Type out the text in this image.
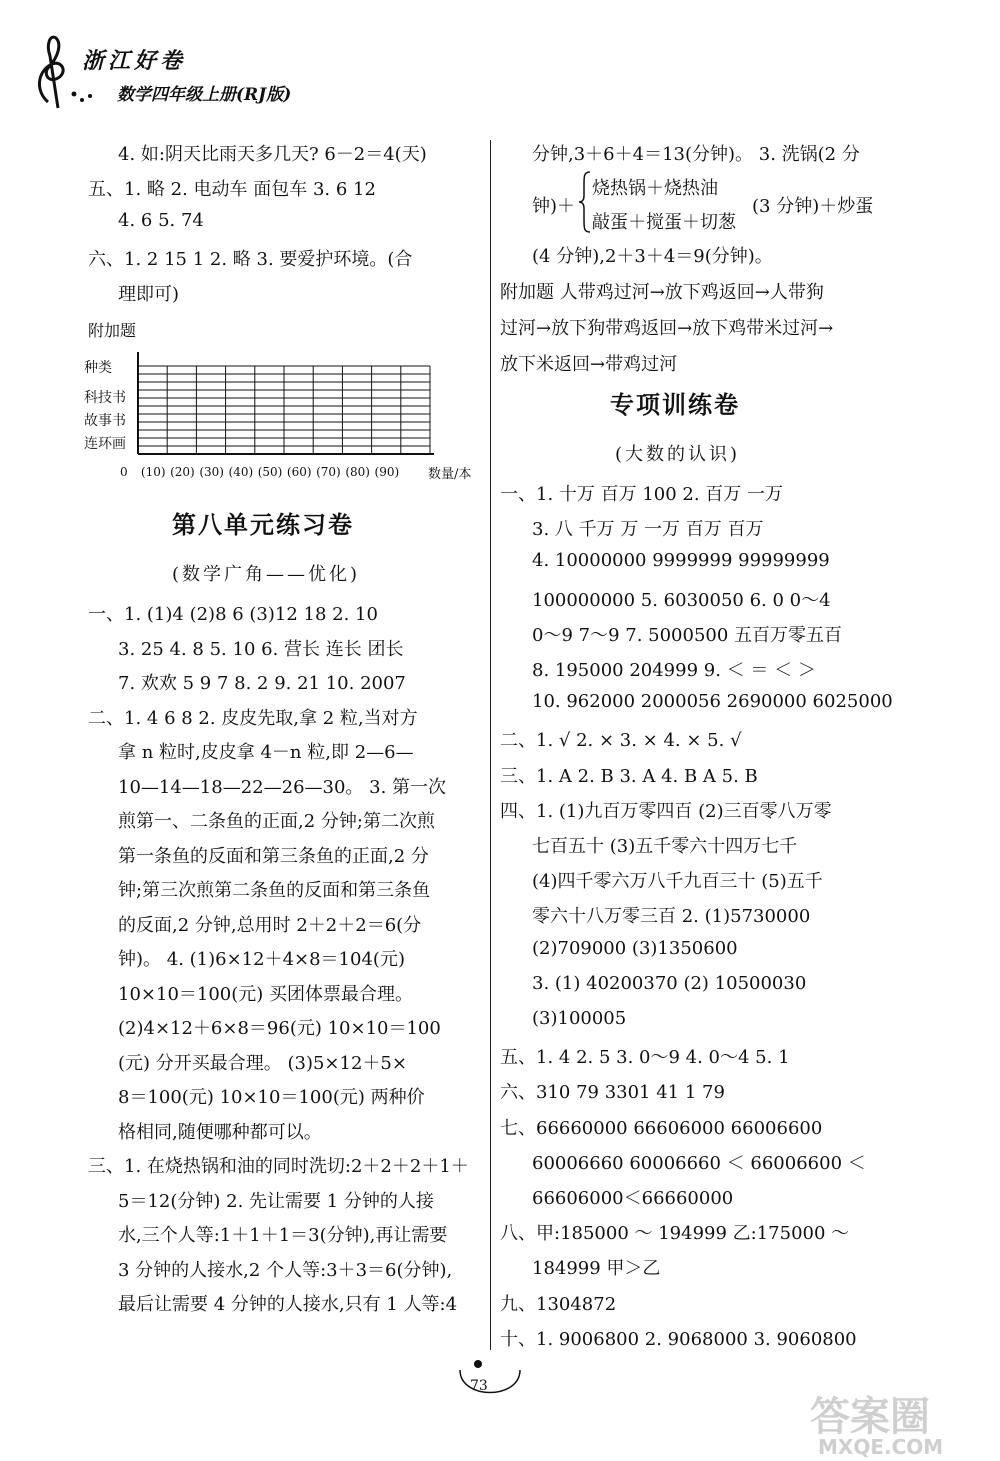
浙江好卷
数学四年级上册(RJ版)
4. 如:阴天比雨天多几天? 6－2＝4(天)
五、1. 略 2. 电动车 面包车 3. 6 12
4. 6 5. 74
六、1. 2 15 1 2. 略 3. 要爱护环境。(合
理即可)
附加题
种类
科技书
故事书
连环画
0 (10) (20) (30) (40) (50) (60) (70) (80) (90) 数量/本
第八单元练习卷
(数学广角——优化)
一、1. (1)4 (2)8 6 (3)12 18 2. 10
3. 25 4. 8 5. 10 6. 营长 连长 团长
7. 欢欢 5 9 7 8. 2 9. 21 10. 2007
二、1. 4 6 8 2. 皮皮先取,拿 2 粒,当对方
拿 n 粒时,皮皮拿 4－n 粒,即 2—6—
10—14—18—22—26—30。 3. 第一次
煎第一、二条鱼的正面,2 分钟;第二次煎
第一条鱼的反面和第三条鱼的正面,2 分
钟;第三次煎第二条鱼的反面和第三条鱼
的反面,2 分钟,总用时 2＋2＋2＝6(分
钟)。 4. (1)6×12＋4×8＝104(元)
10×10＝100(元) 买团体票最合理。
(2)4×12＋6×8＝96(元) 10×10＝100
(元) 分开买最合理。 (3)5×12＋5×
8＝100(元) 10×10＝100(元) 两种价
格相同,随便哪种都可以。
三、1. 在烧热锅和油的同时洗切:2＋2＋2＋1＋
5＝12(分钟) 2. 先让需要 1 分钟的人接
水,三个人等:1＋1＋1＝3(分钟),再让需要
3 分钟的人接水,2 个人等:3＋3＝6(分钟),
最后让需要 4 分钟的人接水,只有 1 人等:4
分钟,3＋6＋4＝13(分钟)。 3. 洗锅(2 分
钟)＋
烧热锅＋烧热油
敲蛋＋搅蛋＋切葱
(3 分钟)＋炒蛋
(4 分钟),2＋3＋4＝9(分钟)。
附加题 人带鸡过河→放下鸡返回→人带狗
过河→放下狗带鸡返回→放下鸡带米过河→
放下米返回→带鸡过河
专项训练卷
(大数的认识)
一、1. 十万 百万 100 2. 百万 一万
3. 八 千万 万 一万 百万 百万
4. 10000000 9999999 99999999
100000000 5. 6030050 6. 0 0～4
0～9 7～9 7. 5000500 五百万零五百
8. 195000 204999 9. ＜ ＝ ＜ ＞
10. 962000 2000056 2690000 6025000
二、1. √ 2. × 3. × 4. × 5. √
三、1. A 2. B 3. A 4. B A 5. B
四、1. (1)九百万零四百 (2)三百零八万零
七百五十 (3)五千零六十四万七千
(4)四千零六万八千九百三十 (5)五千
零六十八万零三百 2. (1)5730000
(2)709000 (3)1350600
3. (1) 40200370 (2) 10500030
(3)100005
五、1. 4 2. 5 3. 0～9 4. 0～4 5. 1
六、310 79 3301 41 1 79
七、66660000 66606000 66006600
60006660 60006660 ＜ 66006600 ＜
66606000＜66660000
八、甲:185000 ～ 194999 乙:175000 ～
184999 甲＞乙
九、1304872
十、1. 9006800 2. 9068000 3. 9060800
73
答案圈
MXQE.COM
